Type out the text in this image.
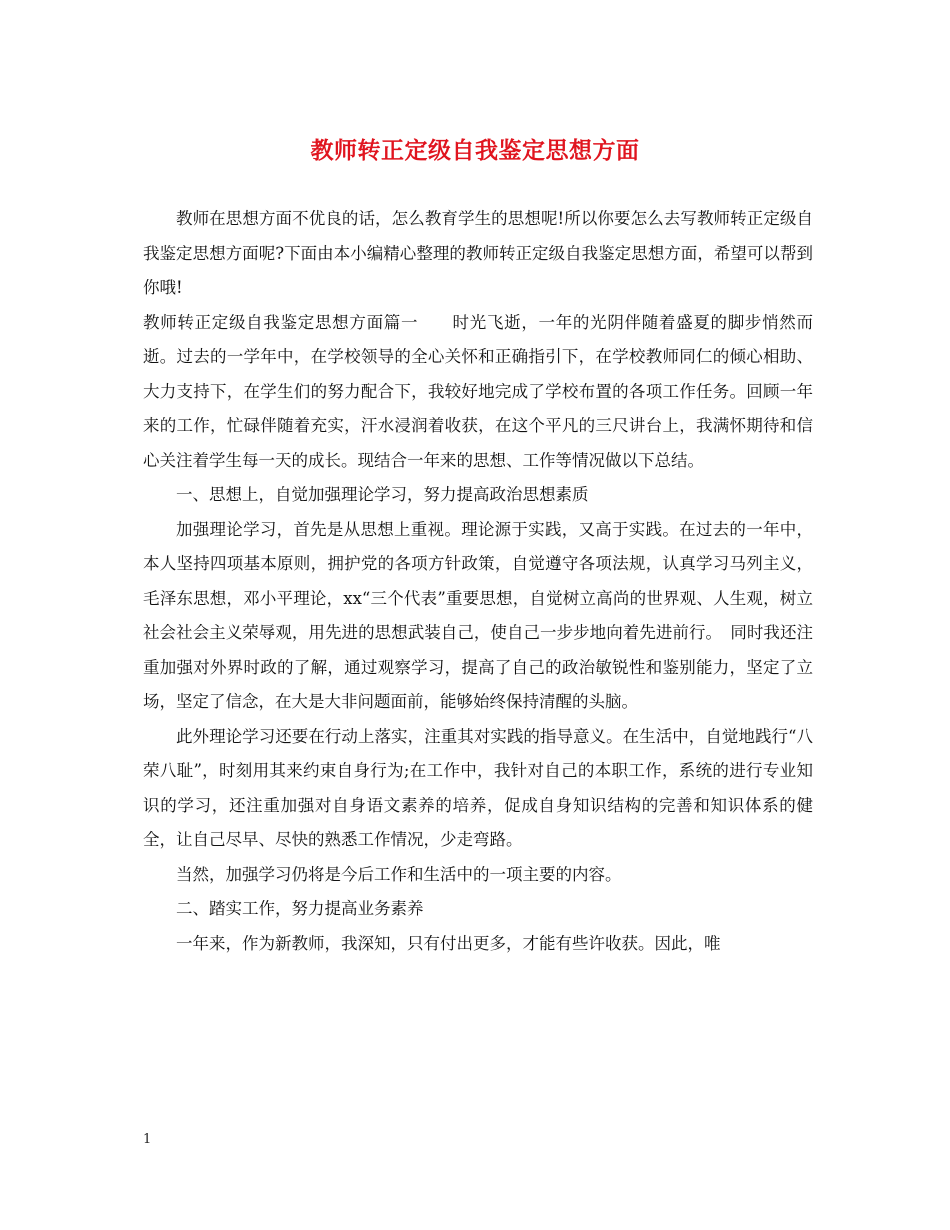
教师转正定级自我鉴定思想方面

教师在思想方面不优良的话，怎么教育学生的思想呢!所以你要怎么去写教师转正定级自我鉴定思想方面呢?下面由本小编精心整理的教师转正定级自我鉴定思想方面，希望可以帮到你哦!

教师转正定级自我鉴定思想方面篇一　　时光飞逝，一年的光阴伴随着盛夏的脚步悄然而逝。过去的一学年中，在学校领导的全心关怀和正确指引下，在学校教师同仁的倾心相助、大力支持下，在学生们的努力配合下，我较好地完成了学校布置的各项工作任务。回顾一年来的工作，忙碌伴随着充实，汗水浸润着收获，在这个平凡的三尺讲台上，我满怀期待和信心关注着学生每一天的成长。现结合一年来的思想、工作等情况做以下总结。

一、思想上，自觉加强理论学习，努力提高政治思想素质

加强理论学习，首先是从思想上重视。理论源于实践，又高于实践。在过去的一年中，本人坚持四项基本原则，拥护党的各项方针政策，自觉遵守各项法规，认真学习马列主义，毛泽东思想，邓小平理论，xx“三个代表”重要思想，自觉树立高尚的世界观、人生观，树立社会社会主义荣辱观，用先进的思想武装自己，使自己一步步地向着先进前行。　同时我还注重加强对外界时政的了解，通过观察学习，提高了自己的政治敏锐性和鉴别能力，坚定了立场，坚定了信念，在大是大非问题面前，能够始终保持清醒的头脑。

此外理论学习还要在行动上落实，注重其对实践的指导意义。在生活中，自觉地践行“八荣八耻”，时刻用其来约束自身行为;在工作中，我针对自己的本职工作，系统的进行专业知识的学习，还注重加强对自身语文素养的培养，促成自身知识结构的完善和知识体系的健全，让自己尽早、尽快的熟悉工作情况，少走弯路。

当然，加强学习仍将是今后工作和生活中的一项主要的内容。

二、踏实工作，努力提高业务素养

一年来，作为新教师，我深知，只有付出更多，才能有些许收获。因此，唯

1
